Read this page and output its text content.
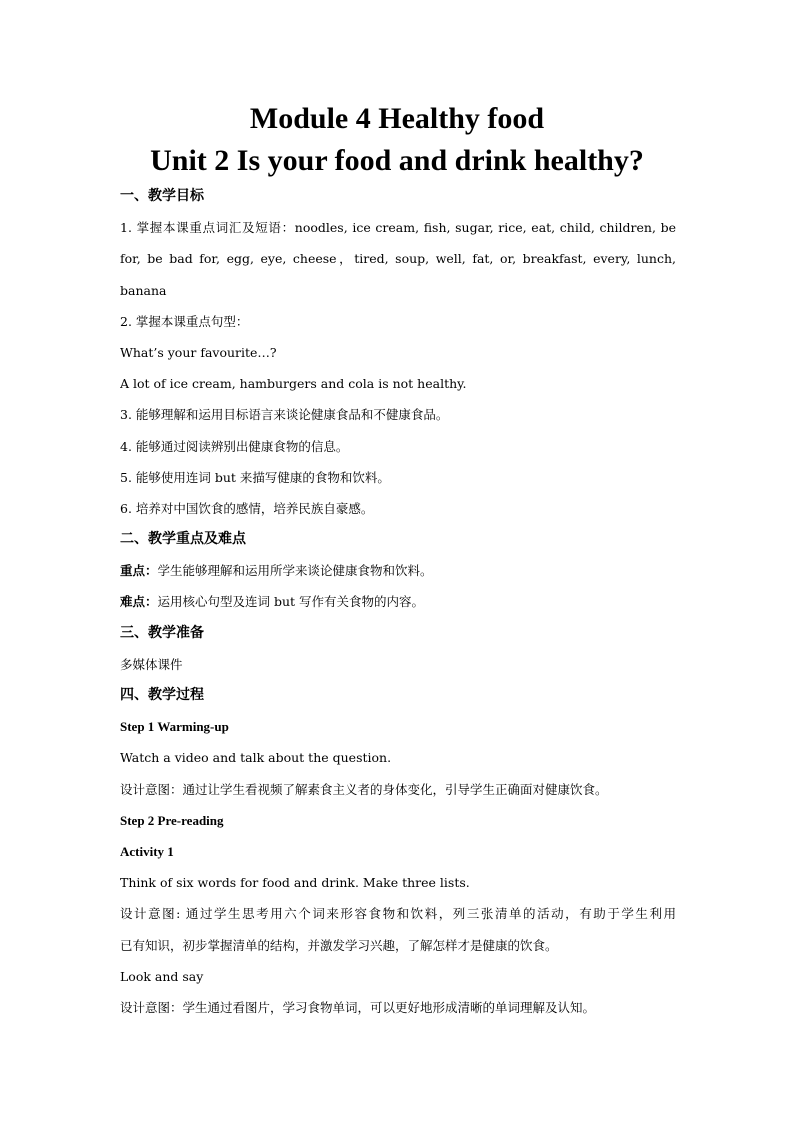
Module 4 Healthy food
Unit 2 Is your food and drink healthy?
一、教学目标
1. 掌握本课重点词汇及短语：noodles, ice cream, fish, sugar, rice, eat, child, children, be
for, be bad for, egg, eye, cheese，tired, soup, well, fat, or, breakfast, every, lunch,
banana
2. 掌握本课重点句型：
What’s your favourite…?
A lot of ice cream, hamburgers and cola is not healthy.
3. 能够理解和运用目标语言来谈论健康食品和不健康食品。
4. 能够通过阅读辨别出健康食物的信息。
5. 能够使用连词 but 来描写健康的食物和饮料。
6. 培养对中国饮食的感情，培养民族自豪感。
二、教学重点及难点
重点：学生能够理解和运用所学来谈论健康食物和饮料。
难点：运用核心句型及连词 but 写作有关食物的内容。
三、教学准备
多媒体课件
四、教学过程
Step 1 Warming-up
Watch a video and talk about the question.
设计意图：通过让学生看视频了解素食主义者的身体变化，引导学生正确面对健康饮食。
Step 2 Pre-reading
Activity 1
Think of six words for food and drink. Make three lists.
设计意图: 通过学生思考用六个词来形容食物和饮料，列三张清单的活动，有助于学生利用
已有知识，初步掌握清单的结构，并激发学习兴趣，了解怎样才是健康的饮食。
Look and say
设计意图：学生通过看图片，学习食物单词，可以更好地形成清晰的单词理解及认知。
